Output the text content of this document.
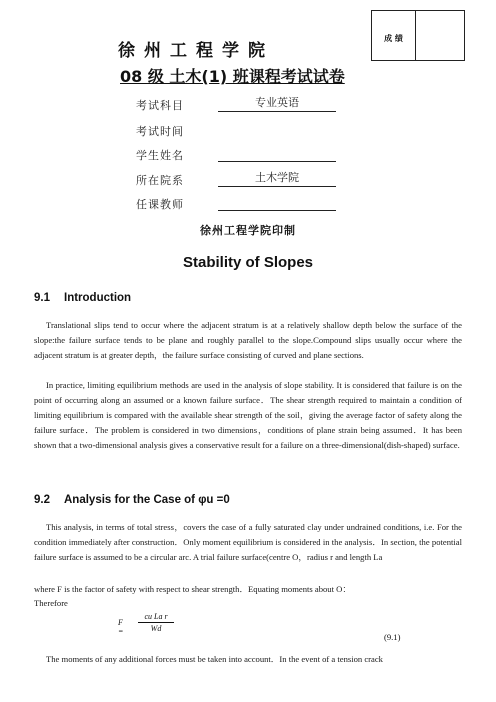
成 绩
徐州工程学院
08 级 土木(1) 班课程考试试卷
考试科目	专业英语
考试时间
学生姓名
所在院系	土木学院
任课教师
徐州工程学院印制
Stability of Slopes
9.1 Introduction
Translational slips tend to occur where the adjacent stratum is at a relatively shallow depth below the surface of the slope:the failure surface tends to be plane and roughly parallel to the slope.Compound slips usually occur where the adjacent stratum is at greater depth，the failure surface consisting of curved and plane sections.
In practice, limiting equilibrium methods are used in the analysis of slope stability. It is considered that failure is on the point of occurring along an assumed or a known failure surface．The shear strength required to maintain a condition of limiting equilibrium is compared with the available shear strength of the soil，giving the average factor of safety along the failure surface．The problem is considered in two dimensions，conditions of plane strain being assumed．It has been shown that a two-dimensional analysis gives a conservative result for a failure on a three-dimensional(dish-shaped) surface.
9.2 Analysis for the Case of φu =0
This analysis, in terms of total stress，covers the case of a fully saturated clay under undrained conditions, i.e. For the condition immediately after construction．Only moment equilibrium is considered in the analysis．In section, the potential failure surface is assumed to be a circular arc. A trial failure surface(centre O，radius r and length La
where F is the factor of safety with respect to shear strength．Equating moments about O：
Therefore
F =
cu La r
Wd
(9.1)
The moments of any additional forces must be taken into account．In the event of a tension crack
